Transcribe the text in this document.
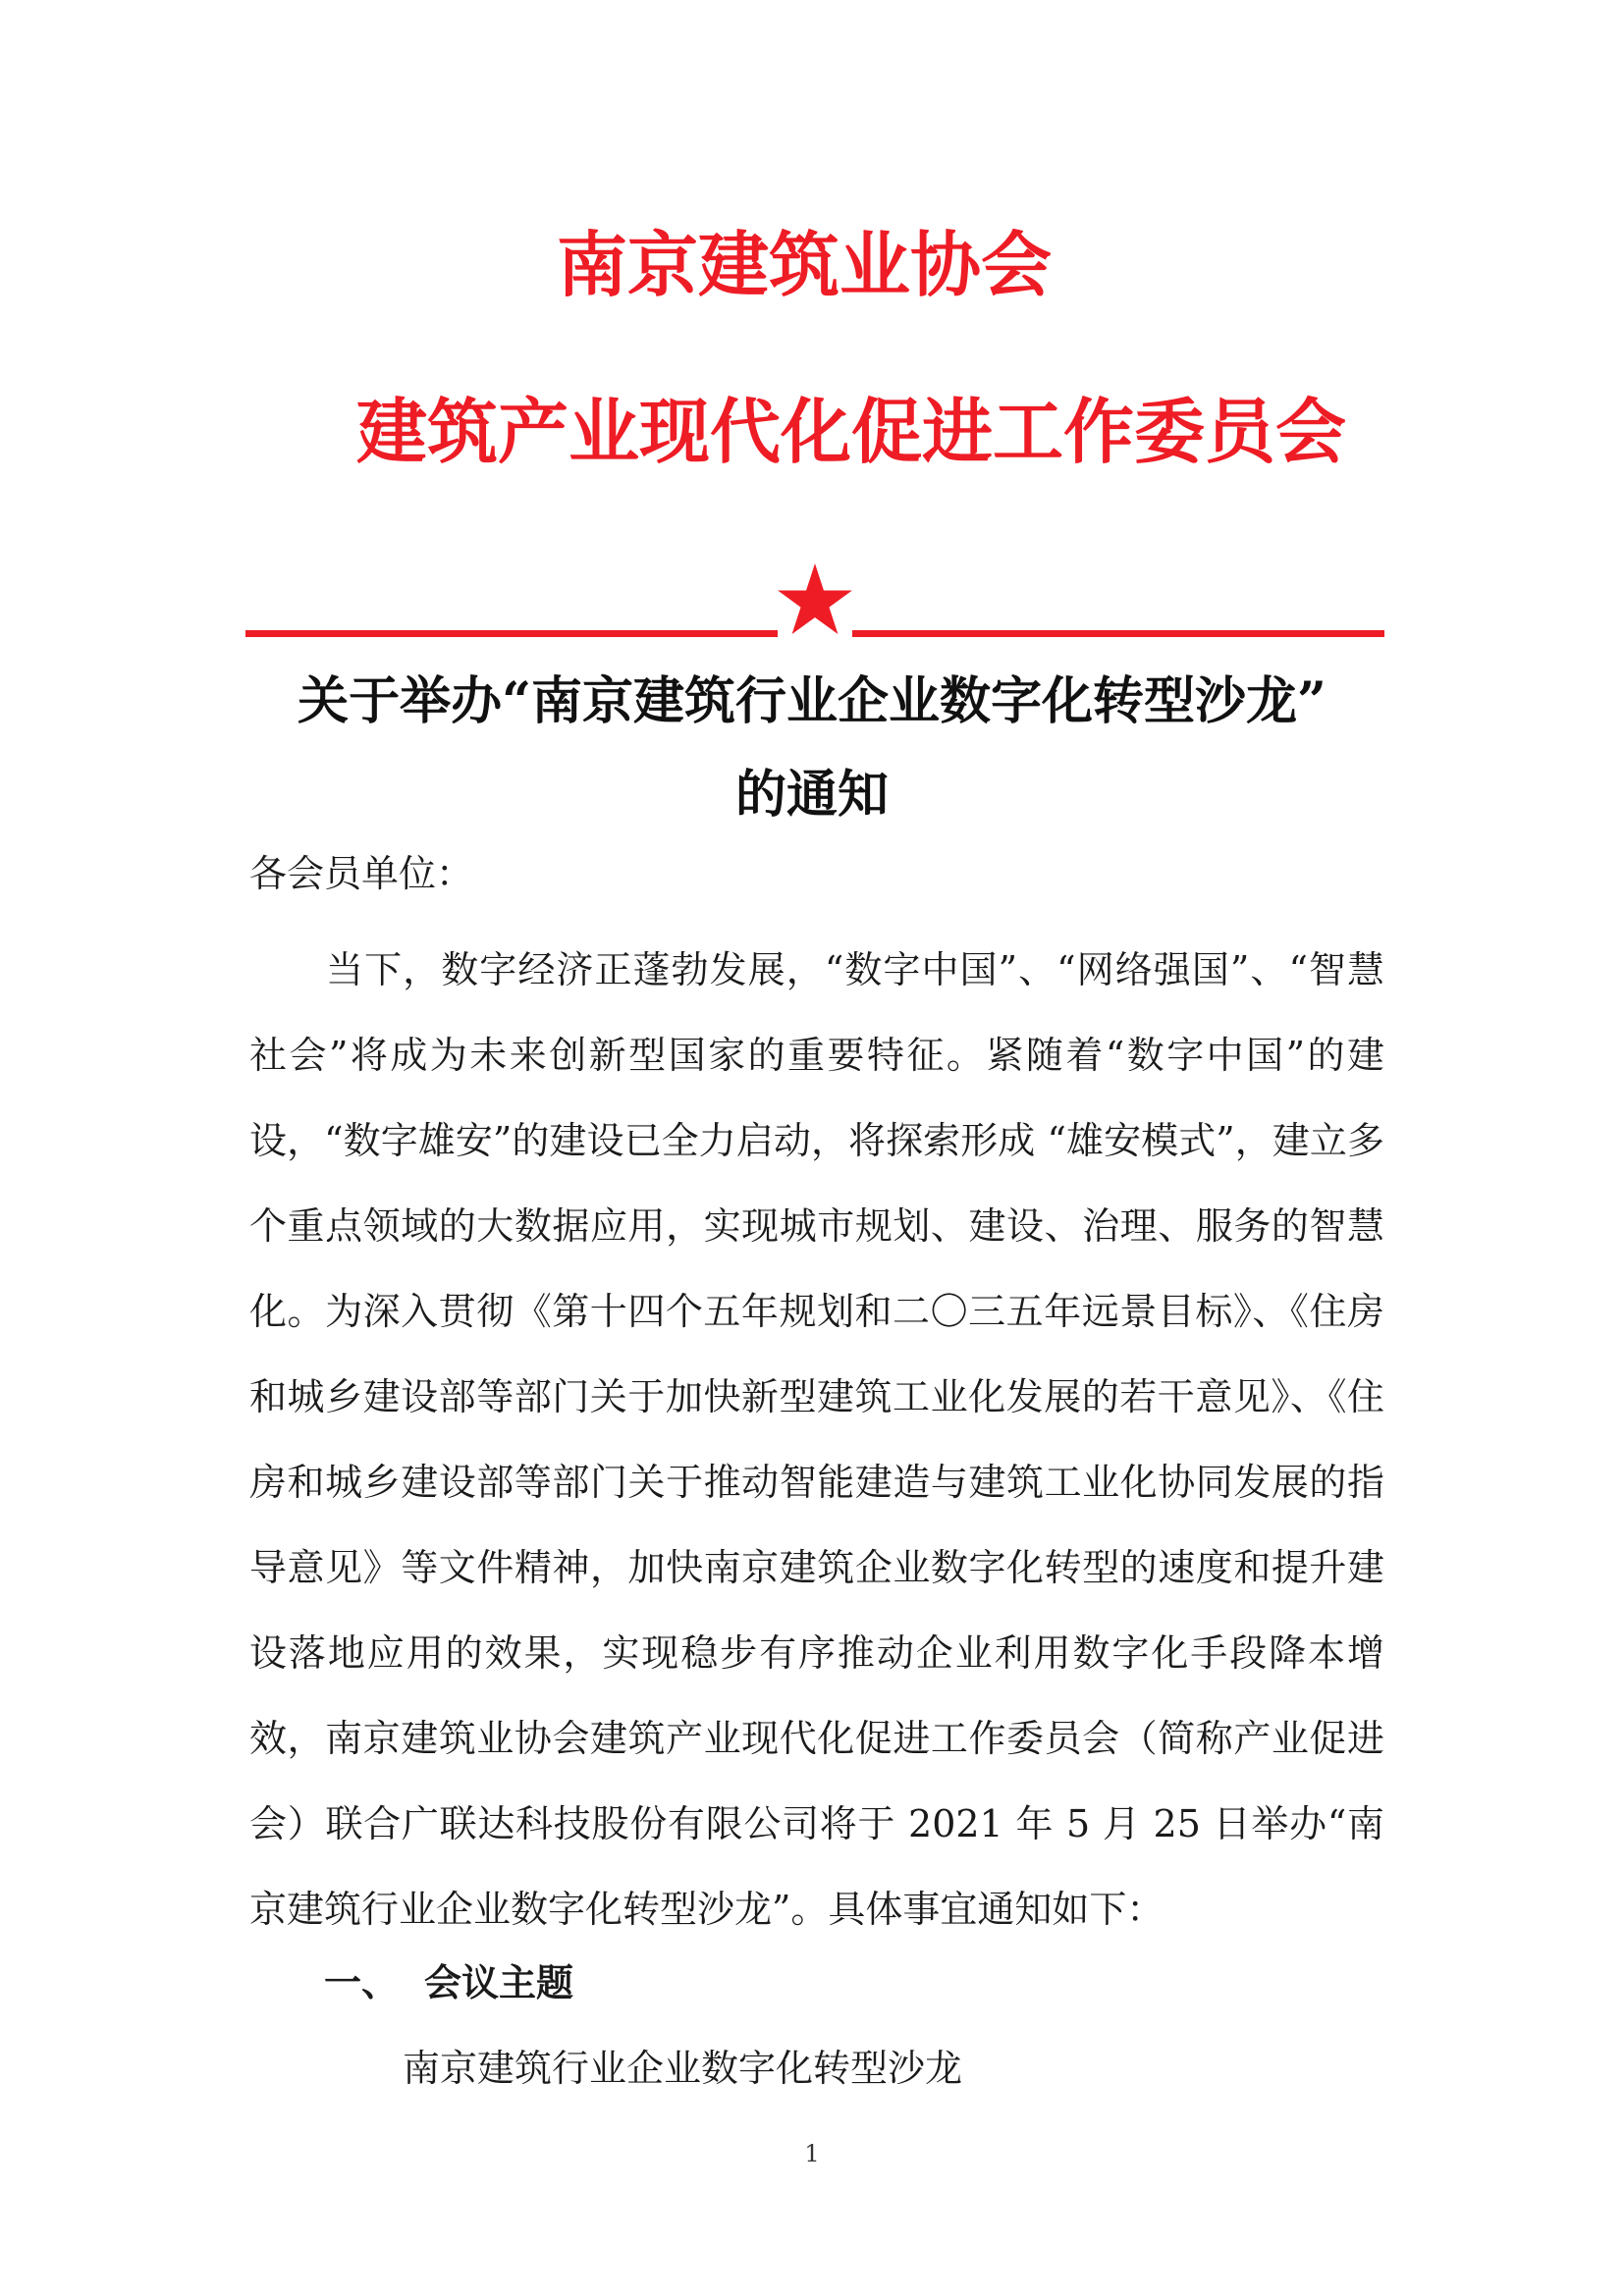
南京建筑业协会
建筑产业现代化促进工作委员会
关于举办“南京建筑行业企业数字化转型沙龙”
的通知
各会员单位：
当下，数字经济正蓬勃发展，“数字中国”、“网络强国”、“智慧社会”将成为未来创新型国家的重要特征。紧随着“数字中国”的建设，“数字雄安”的建设已全力启动，将探索形成 “雄安模式”，建立多个重点领域的大数据应用，实现城市规划、建设、治理、服务的智慧化。为深入贯彻《第十四个五年规划和二〇三五年远景目标》、《住房和城乡建设部等部门关于加快新型建筑工业化发展的若干意见》、《住房和城乡建设部等部门关于推动智能建造与建筑工业化协同发展的指导意见》等文件精神，加快南京建筑企业数字化转型的速度和提升建设落地应用的效果，实现稳步有序推动企业利用数字化手段降本增效，南京建筑业协会建筑产业现代化促进工作委员会（简称产业促进会）联合广联达科技股份有限公司将于 2021 年 5 月 25 日举办“南京建筑行业企业数字化转型沙龙”。具体事宜通知如下：
一、 会议主题
南京建筑行业企业数字化转型沙龙
1
